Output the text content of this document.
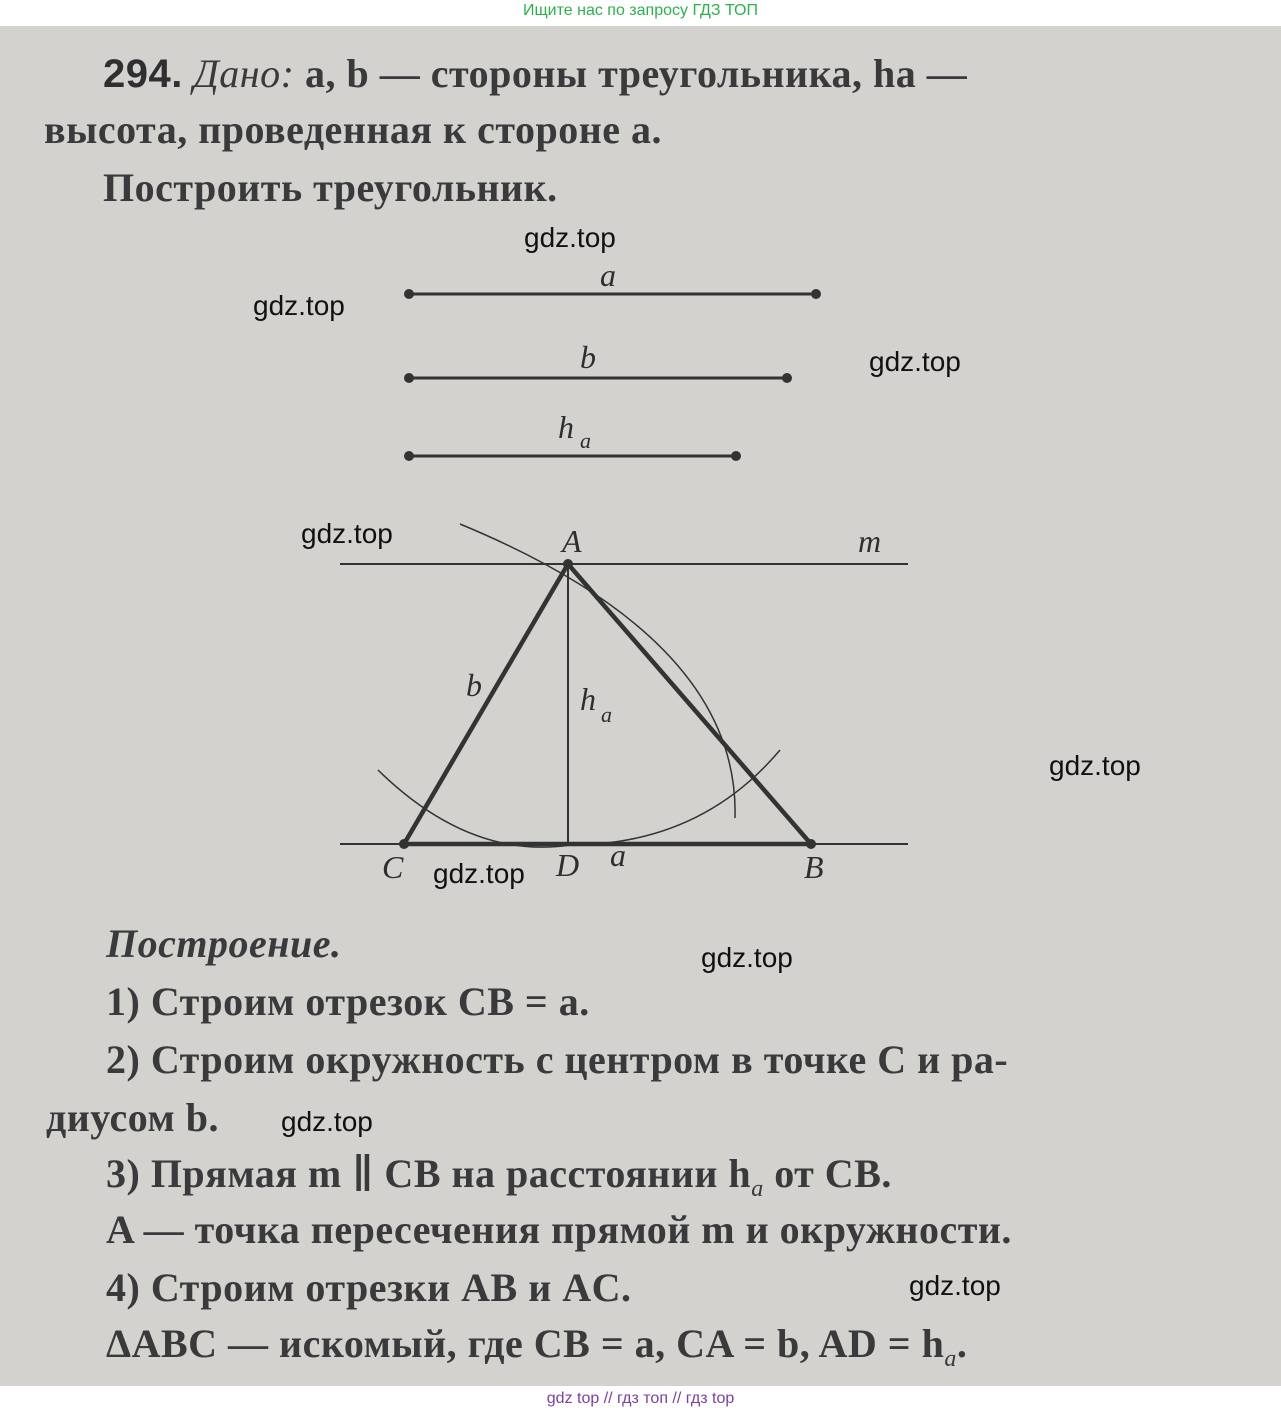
Ищите нас по запросу ГДЗ ТОП
294. Дано: a, b — стороны треугольника, ha —
высота, проведенная к стороне a.
Построить треугольник.
a
b
h a
A	m
b	h a
C	D a	B
Построение.
1) Строим отрезок CB = a.
2) Строим окружность с центром в точке C и ра-
диусом b.
3) Прямая m ∥ CB на расстоянии $h_a$ от CB.
A — точка пересечения прямой m и окружности.
4) Строим отрезки AB и AC.
ΔABC — искомый, где CB = a, CA = b, AD = $h_a$.
gdz.top
gdz.top
gdz.top
gdz.top
gdz.top
gdz.top
gdz.top
gdz.top
gdz.top
gdz top // гдз топ // гдз top
